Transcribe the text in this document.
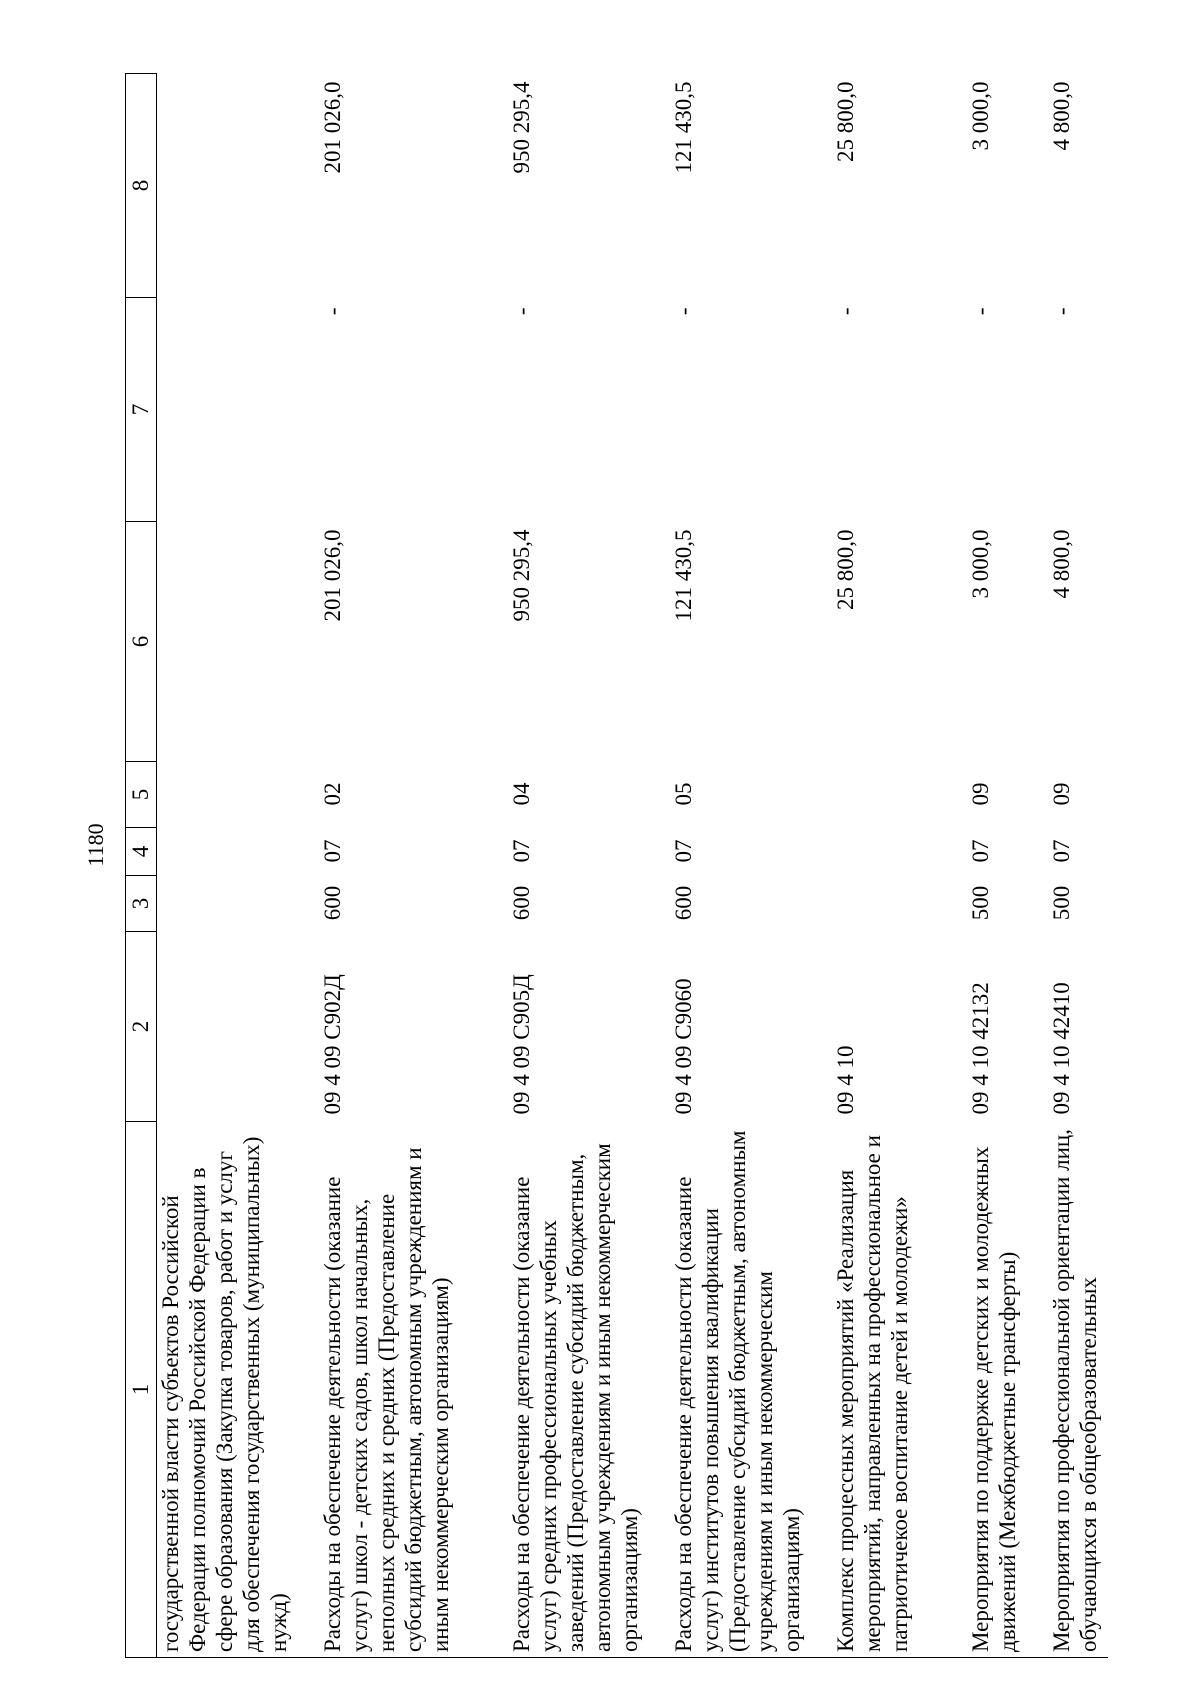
1180
1	2	3	4	5	6	7	8
государственной власти субъектов Российской Федерации полномочий Российской Федерации в сфере образования (Закупка товаров, работ и услуг для обеспечения государственных (муниципальных) нужд)							
Расходы на обеспечение деятельности (оказание услуг) школ - детских садов, школ начальных, неполных средних и средних (Предоставление субсидий бюджетным, автономным учреждениям и иным некоммерческим организациям)	09 4 09 С902Д	600	07	02	201 026,0	-	201 026,0
Расходы на обеспечение деятельности (оказание услуг) средних профессиональных учебных заведений (Предоставление субсидий бюджетным, автономным учреждениям и иным некоммерческим организациям)	09 4 09 С905Д	600	07	04	950 295,4	-	950 295,4
Расходы на обеспечение деятельности (оказание услуг) институтов повышения квалификации (Предоставление субсидий бюджетным, автономным учреждениям и иным некоммерческим организациям)	09 4 09 С9060	600	07	05	121 430,5	-	121 430,5
Комплекс процессных мероприятий «Реализация мероприятий, направленных на профессиональное и патриотичекое воспитание детей и молодежи»	09 4 10				25 800,0	-	25 800,0
Мероприятия по поддержке детских и молодежных движений (Межбюджетные трансферты)	09 4 10 42132	500	07	09	3 000,0	-	3 000,0
Мероприятия по профессиональной ориентации лиц, обучающихся в общеобразовательных	09 4 10 42410	500	07	09	4 800,0	-	4 800,0
